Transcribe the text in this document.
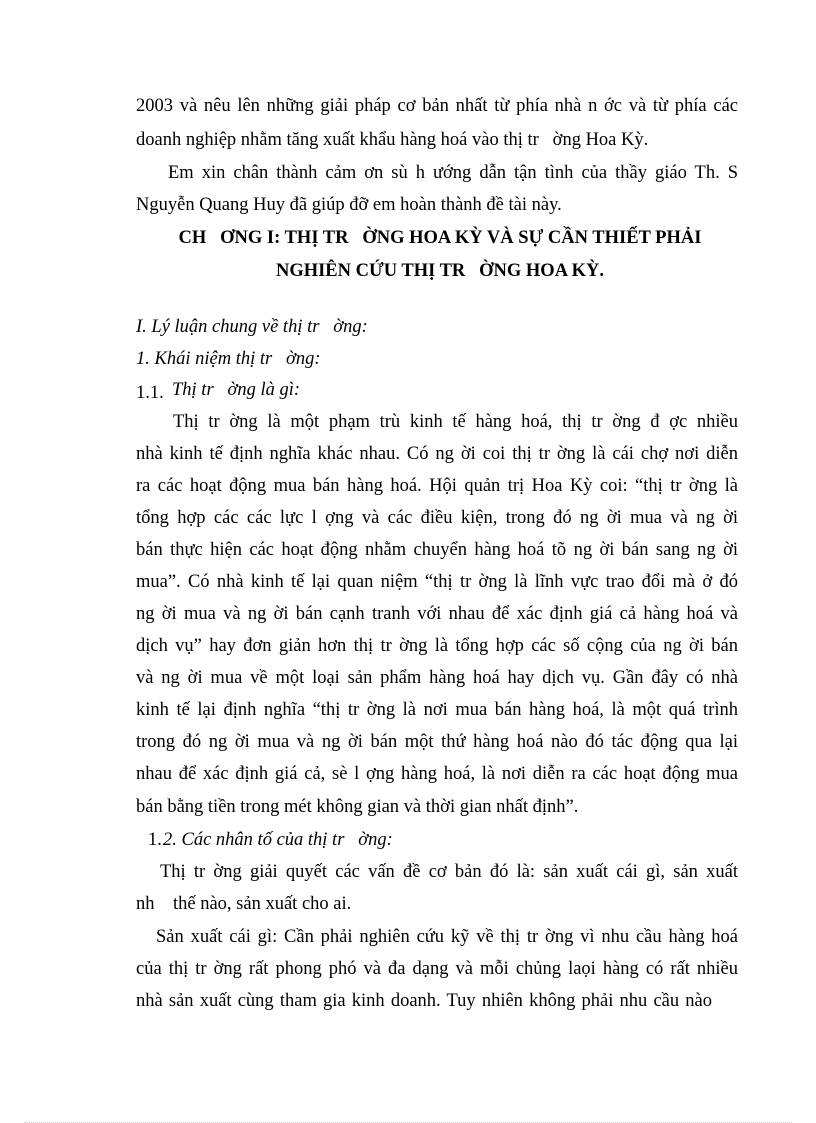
2003 và nêu lên những giải pháp cơ bản nhất từ phía nhà n ớc và từ phía các
doanh nghiệp nhằm tăng xuất khẩu hàng hoá vào thị tr   ờng Hoa Kỳ.
Em xin chân thành cảm ơn sù h ướng dẫn tận tình của thầy giáo Th. S
Nguyễn Quang Huy đã giúp đỡ em hoàn thành đề tài này.
CH   ƠNG I: THỊ TR   ỜNG HOA KỲ VÀ SỰ CẦN THIẾT PHẢI
NGHIÊN CỨU THỊ TR   ỜNG HOA KỲ.
I. Lý luận chung về thị tr   ờng:
1. Khái niệm thị tr   ờng:
1.1. Thị tr   ờng là gì:
Thị tr ờng là một phạm trù kinh tế hàng hoá, thị tr ờng đ ợc nhiều
nhà kinh tế định nghĩa khác nhau. Có ng ời coi thị tr ờng là cái chợ nơi diễn
ra các hoạt động mua bán hàng hoá. Hội quản trị Hoa Kỳ coi: “thị tr ờng là
tổng hợp các các lực l ợng và các điều kiện, trong đó ng ời mua và ng ời
bán thực hiện các hoạt động nhằm chuyển hàng hoá tõ ng ời bán sang ng ời
mua”. Có nhà kinh tế lại quan niệm “thị tr ờng là lĩnh vực trao đổi mà ở đó
ng ời mua và ng ời bán cạnh tranh với nhau để xác định giá cả hàng hoá và
dịch vụ” hay đơn giản hơn thị tr ờng là tổng hợp các số cộng của ng ời bán
và ng ời mua về một loại sản phẩm hàng hoá hay dịch vụ. Gần đây có nhà
kinh tế lại định nghĩa “thị tr ờng là nơi mua bán hàng hoá, là một quá trình
trong đó ng ời mua và ng ời bán một thứ hàng hoá nào đó tác động qua lại
nhau để xác định giá cả, sè l ợng hàng hoá, là nơi diễn ra các hoạt động mua
bán bằng tiền trong mét không gian và thời gian nhất định”.
1. 2. Các nhân tố của thị tr   ờng:
Thị tr ờng giải quyết các vấn đề cơ bản đó là: sản xuất cái gì, sản xuất
nh    thế nào, sản xuất cho ai.
Sản xuất cái gì: Cần phải nghiên cứu kỹ về thị tr ờng vì nhu cầu hàng hoá
của thị tr ờng rất phong phó và đa dạng và mỗi chủng laọi hàng có rất nhiều
nhà sản xuất cùng tham gia kinh doanh. Tuy nhiên không phải nhu cầu nào
